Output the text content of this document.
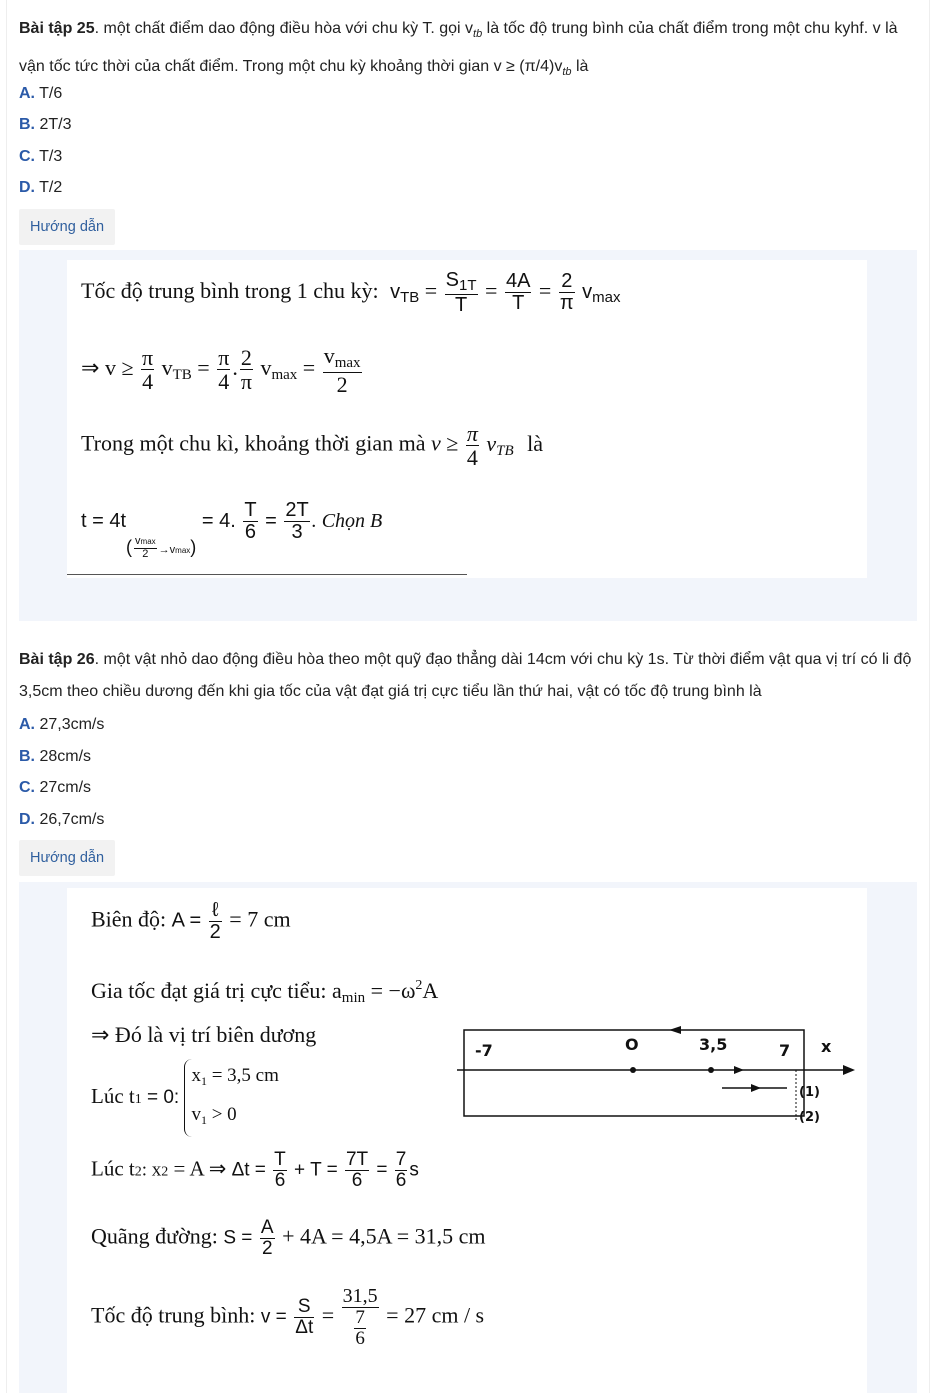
Bài tập 25. một chất điểm dao động điều hòa với chu kỳ T. gọi $v_{tb}$ là tốc độ trung bình của chất điểm trong một chu kyhf. v là vận tốc tức thời của chất điểm. Trong một chu kỳ khoảng thời gian $v \ge (\pi/4)v_{tb}$ là
A. T/6
B. 2T/3
C. T/3
D. T/2
Hướng dẫn
Tốc độ trung bình trong 1 chu kỳ: $v_{TB} = \frac{S_{1T}}{T} = \frac{4A}{T} = \frac{2}{\pi} v_{max}$
⇒ $v \ge \frac{\pi}{4} v_{TB} = \frac{\pi}{4}$ . $\frac{2}{\pi} v_{max} = \frac{v_{max}}{2}$
Trong một chu kì, khoảng thời gian mà $v \ge \frac{\pi}{4} v_{TB}$ là
$t = 4t( \frac{vmax}{2} \to vmax) = 4$. $\frac{T}{6} = \frac{2T}{3}$ . Chọn B
Bài tập 26. một vật nhỏ dao động điều hòa theo một quỹ đạo thẳng dài 14cm với chu kỳ 1s. Từ thời điểm vật qua vị trí có li độ 3,5cm theo chiều dương đến khi gia tốc của vật đạt giá trị cực tiểu lần thứ hai, vật có tốc độ trung bình là
A. 27,3cm/s
B. 28cm/s
C. 27cm/s
D. 26,7cm/s
Hướng dẫn
Biên độ: $A = \frac{\text{ℓ}}{2} = 7$ cm
Gia tốc đạt giá trị cực tiểu: $a_{min} = -\omega^2A$
⇒ Đó là vị trí biên dương
Lúc t1 = 0:
$x_1 = 3,5$ cm
$v_1 > 0$
Lúc t2: x2 = A ⇒ $\Delta t = \frac{T}{6} + T = \frac{7T}{6} = \frac{7}{6}$ s
Quãng đường: $S = \frac{A}{2} + 4A = 4,5A = 31,5$ cm
Tốc độ trung bình: $v = \frac{S}{\Delta t} = \frac{31,5}{\frac{7}{6}} = 27$ cm / s
-7	O	3,5	7 x
(1)
(2)
